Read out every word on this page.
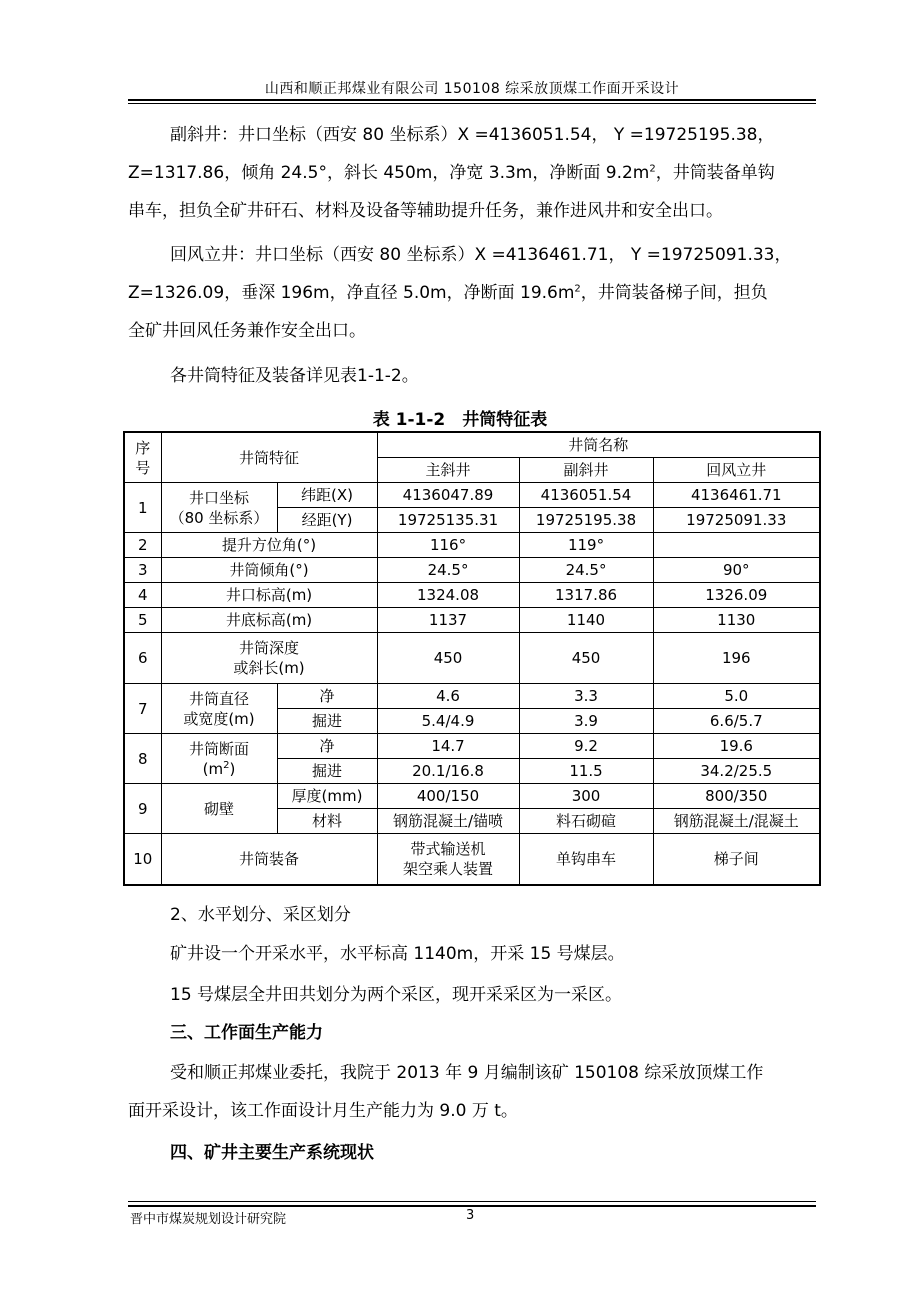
山西和顺正邦煤业有限公司 150108 综采放顶煤工作面开采设计
副斜井：井口坐标（西安 80 坐标系）X =4136051.54， Y =19725195.38，
Z=1317.86，倾角 24.5°，斜长 450m，净宽 3.3m，净断面 $9.2m^2$，井筒装备单钩
串车，担负全矿井矸石、材料及设备等辅助提升任务，兼作进风井和安全出口。
回风立井：井口坐标（西安 80 坐标系）X =4136461.71， Y =19725091.33，
Z=1326.09，垂深 196m，净直径 5.0m，净断面 $19.6m^2$，井筒装备梯子间，担负
全矿井回风任务兼作安全出口。
各井筒特征及装备详见表1-1-2。
表 1-1-2　井筒特征表
序
号	井筒特征		井筒名称		
			主斜井	副斜井	回风立井
1	井口坐标
（80 坐标系）	纬距(X)	4136047.89	4136051.54	4136461.71
		经距(Y)	19725135.31	19725195.38	19725091.33
2	提升方位角(°)		116°	119°	
3	井筒倾角(°)		24.5°	24.5°	90°
4	井口标高(m)		1324.08	1317.86	1326.09
5	井底标高(m)		1137	1140	1130
6	井筒深度
或斜长(m)		450	450	196
7	井筒直径
或宽度(m)	净	4.6	3.3	5.0
		掘进	5.4/4.9	3.9	6.6/5.7
8	井筒断面
$(m^2)$	净	14.7	9.2	19.6
		掘进	20.1/16.8	11.5	34.2/25.5
9	砌壁	厚度(mm)	400/150	300	800/350
		材料	钢筋混凝土/锚喷	料石砌碹	钢筋混凝土/混凝土
10	井筒装备		带式输送机
架空乘人装置	单钩串车	梯子间
2、水平划分、采区划分
矿井设一个开采水平，水平标高 1140m，开采 15 号煤层。
15 号煤层全井田共划分为两个采区，现开采采区为一采区。
三、工作面生产能力
受和顺正邦煤业委托，我院于 2013 年 9 月编制该矿 150108 综采放顶煤工作
面开采设计，该工作面设计月生产能力为 9.0 万 t。
四、矿井主要生产系统现状
晋中市煤炭规划设计研究院	3
